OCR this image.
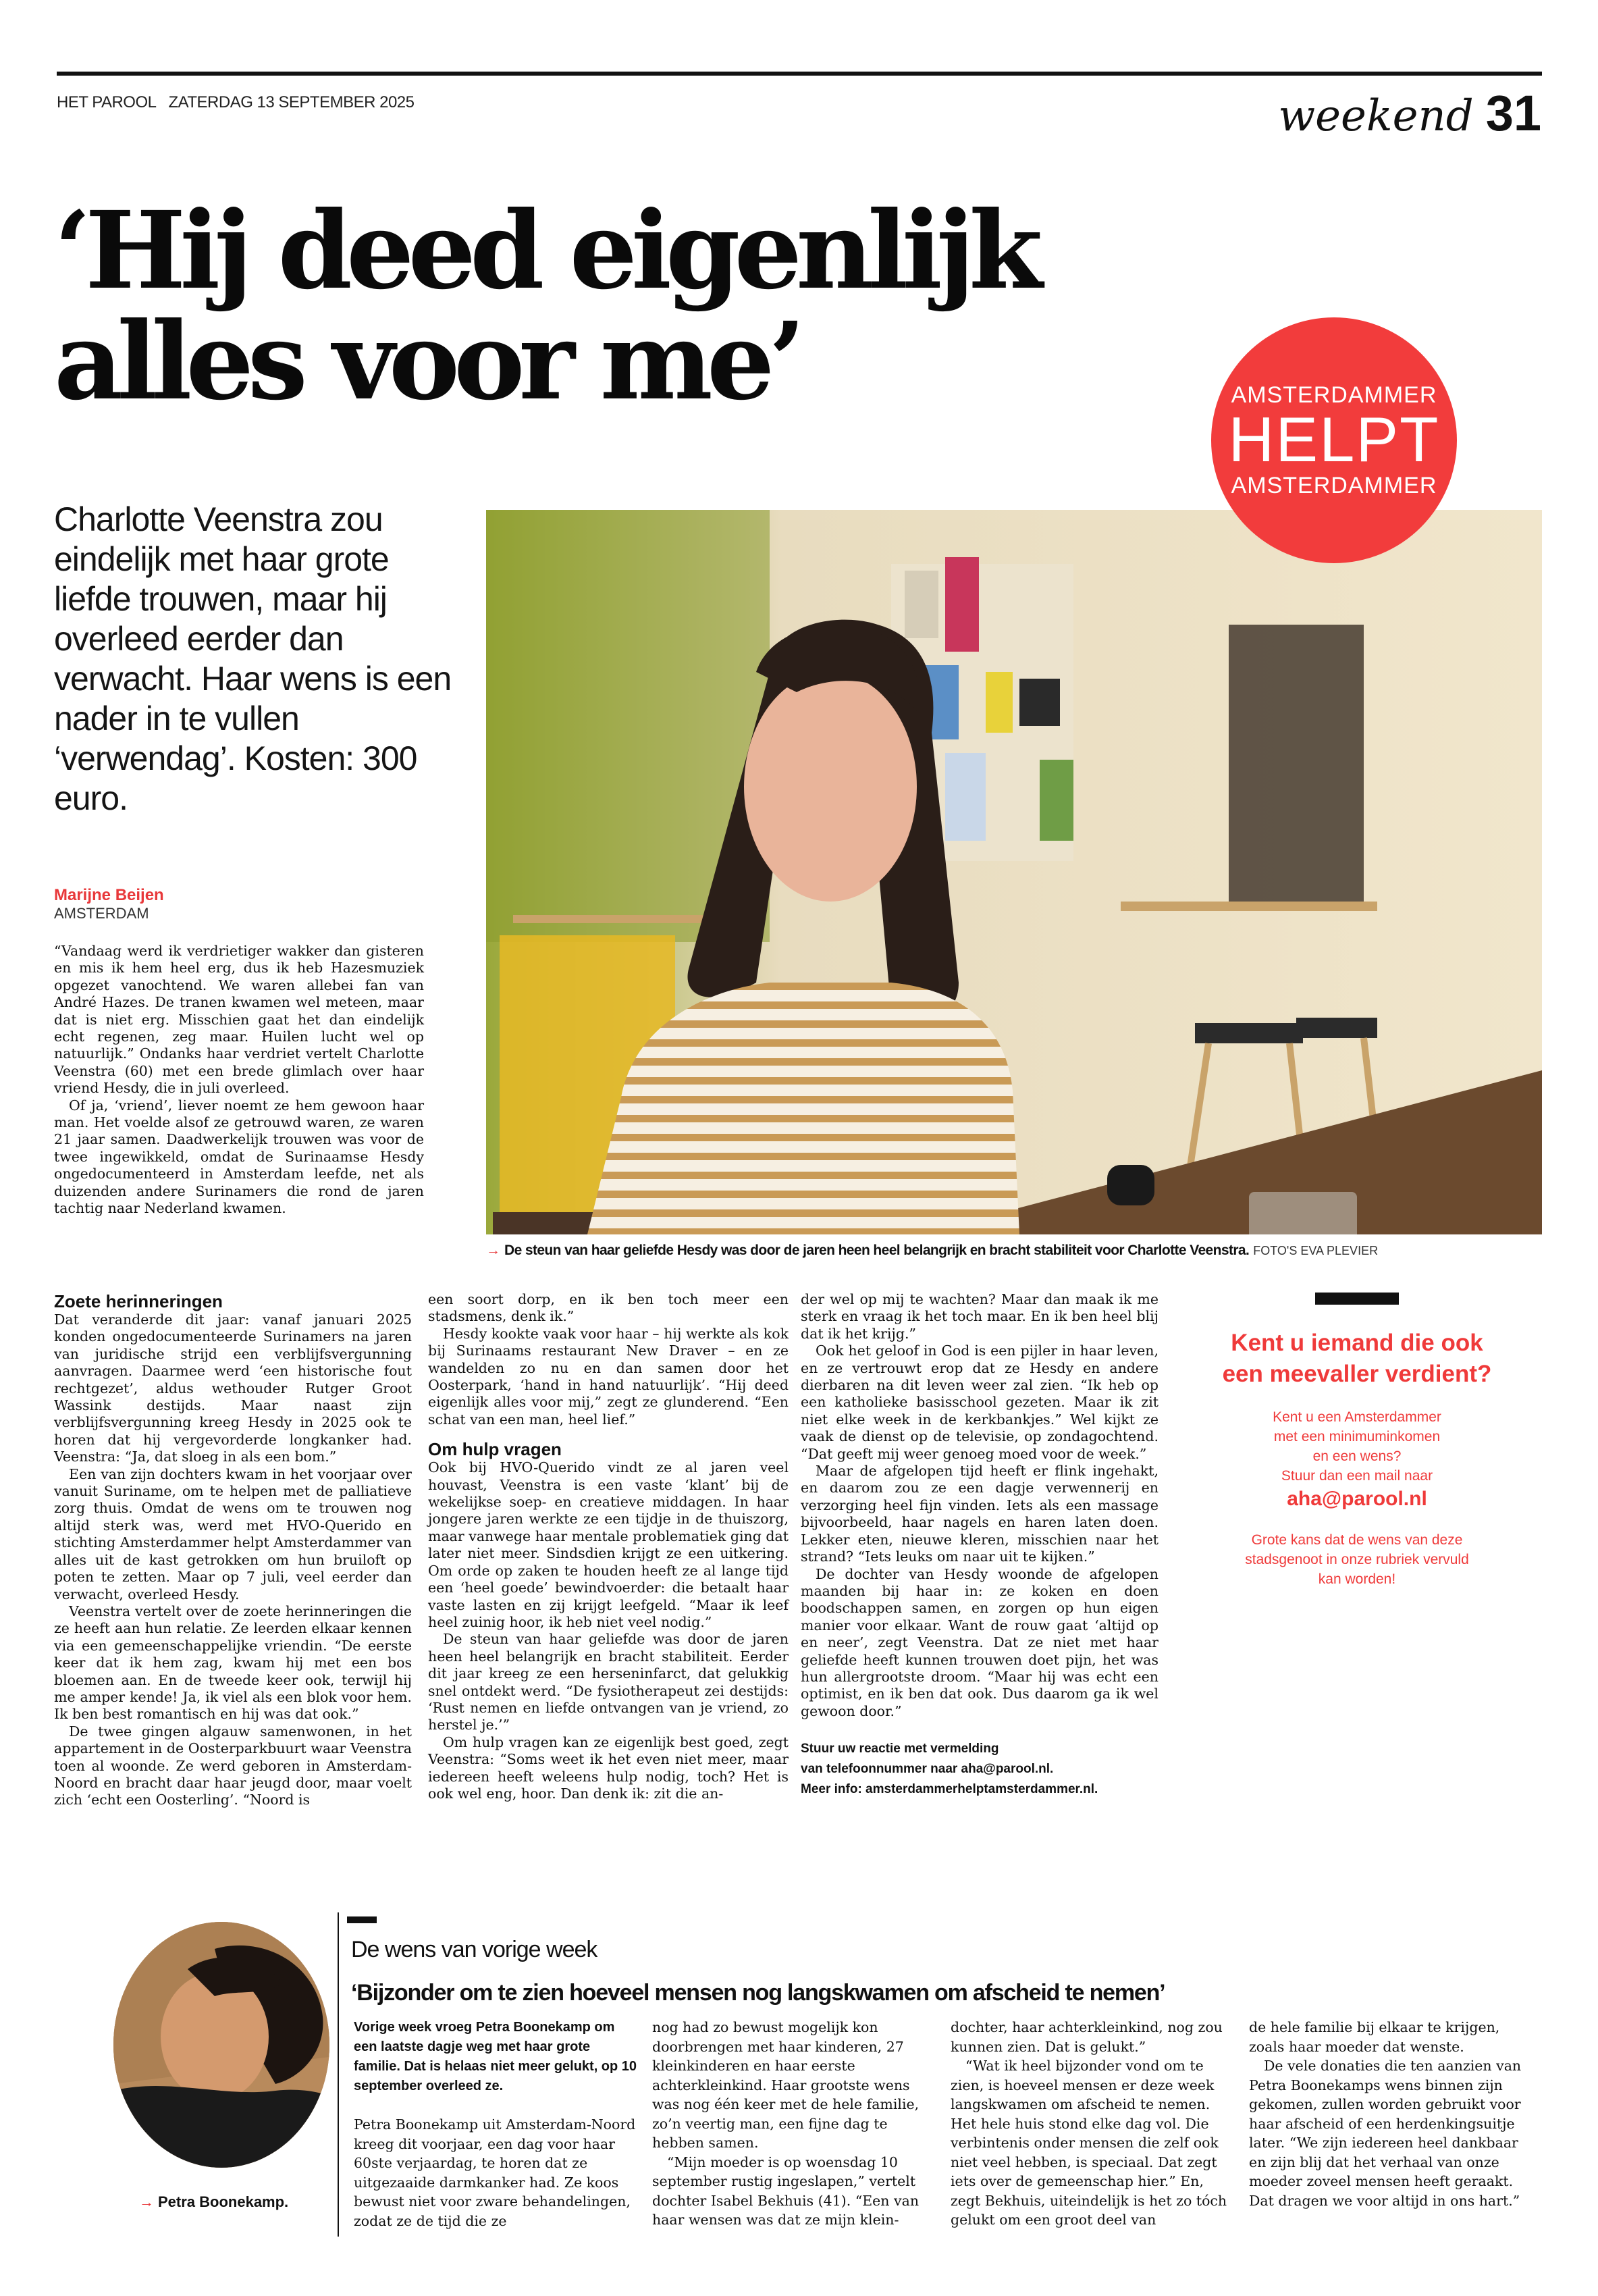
HET PAROOL ZATERDAG 13 SEPTEMBER 2025	weekend 31
‘Hij deed eigenlijk
alles voor me’	AMSTERDAMMER
HELPT
AMSTERDAMMER
Charlotte Veenstra zou eindelijk met haar grote liefde trouwen, maar hij overleed eerder dan verwacht. Haar wens is een nader in te vullen ‘verwendag’. Kosten: 300 euro.
Marijne Beijen
AMSTERDAM

“Vandaag werd ik verdrietiger wakker dan gisteren en mis ik hem heel erg, dus ik heb Hazesmuziek opgezet vanochtend. We waren allebei fan van André Hazes. De tranen kwamen wel meteen, maar dat is niet erg. Misschien gaat het dan eindelijk echt regenen, zeg maar. Huilen lucht wel op natuurlijk.” Ondanks haar verdriet vertelt Charlotte Veenstra (60) met een brede glimlach over haar vriend Hesdy, die in juli overleed.

Of ja, ‘vriend’, liever noemt ze hem gewoon haar man. Het voelde alsof ze getrouwd waren, ze waren 21 jaar samen. Daadwerkelijk trouwen was voor de twee ingewikkeld, omdat de Surinaamse Hesdy ongedocumenteerd in Amsterdam leefde, net als duizenden andere Surinamers die rond de jaren tachtig naar Nederland kwamen.

→ De steun van haar geliefde Hesdy was door de jaren heen heel belangrijk en bracht stabiliteit voor Charlotte Veenstra. FOTO'S EVA PLEVIER
Zoete herinneringen

Dat veranderde dit jaar: vanaf januari 2025 konden ongedocumenteerde Surinamers na jaren van juridische strijd een verblijfsvergunning aanvragen. Daarmee werd ‘een historische fout rechtgezet’, aldus wethouder Rutger Groot Wassink destijds. Maar naast zijn verblijfsvergunning kreeg Hesdy in 2025 ook te horen dat hij vergevorderde longkanker had. Veenstra: “Ja, dat sloeg in als een bom.”

Een van zijn dochters kwam in het voorjaar over vanuit Suriname, om te helpen met de palliatieve zorg thuis. Omdat de wens om te trouwen nog altijd sterk was, werd met HVO-Querido en stichting Amsterdammer helpt Amsterdammer van alles uit de kast getrokken om hun bruiloft op poten te zetten. Maar op 7 juli, veel eerder dan verwacht, overleed Hesdy.

Veenstra vertelt over de zoete herinneringen die ze heeft aan hun relatie. Ze leerden elkaar kennen via een gemeenschappelijke vriendin. “De eerste keer dat ik hem zag, kwam hij met een bos bloemen aan. En de tweede keer ook, terwijl hij me amper kende! Ja, ik viel als een blok voor hem. Ik ben best romantisch en hij was dat ook.”

De twee gingen algauw samenwonen, in het appartement in de Oosterparkbuurt waar Veenstra toen al woonde. Ze werd geboren in Amsterdam-Noord en bracht daar haar jeugd door, maar voelt zich ‘echt een Oosterling’. “Noord is

een soort dorp, en ik ben toch meer een stadsmens, denk ik.”

Hesdy kookte vaak voor haar – hij werkte als kok bij Surinaams restaurant New Draver – en ze wandelden zo nu en dan samen door het Oosterpark, ‘hand in hand natuurlijk’. “Hij deed eigenlijk alles voor mij,” zegt ze glunderend. “Een schat van een man, heel lief.”

Om hulp vragen

Ook bij HVO-Querido vindt ze al jaren veel houvast, Veenstra is een vaste ‘klant’ bij de wekelijkse soep- en creatieve middagen. In haar jongere jaren werkte ze een tijdje in de thuiszorg, maar vanwege haar mentale problematiek ging dat later niet meer. Sindsdien krijgt ze een uitkering. Om orde op zaken te houden heeft ze al lange tijd een ‘heel goede’ bewindvoerder: die betaalt haar vaste lasten en zij krijgt leefgeld. “Maar ik leef heel zuinig hoor, ik heb niet veel nodig.”

De steun van haar geliefde was door de jaren heen heel belangrijk en bracht stabiliteit. Eerder dit jaar kreeg ze een herseninfarct, dat gelukkig snel ontdekt werd. “De fysiotherapeut zei destijds: ‘Rust nemen en liefde ontvangen van je vriend, zo herstel je.’”

Om hulp vragen kan ze eigenlijk best goed, zegt Veenstra: “Soms weet ik het even niet meer, maar iedereen heeft weleens hulp nodig, toch? Het is ook wel eng, hoor. Dan denk ik: zit die an-

der wel op mij te wachten? Maar dan maak ik me sterk en vraag ik het toch maar. En ik ben heel blij dat ik het krijg.”

Ook het geloof in God is een pijler in haar leven, en ze vertrouwt erop dat ze Hesdy en andere dierbaren na dit leven weer zal zien. “Ik heb op een katholieke basisschool gezeten. Maar ik zit niet elke week in de kerkbankjes.” Wel kijkt ze vaak de dienst op de televisie, op zondagochtend. “Dat geeft mij weer genoeg moed voor de week.”

Maar de afgelopen tijd heeft er flink ingehakt, en daarom zou ze een dagje verwennerij en verzorging heel fijn vinden. Iets als een massage bijvoorbeeld, haar nagels en haren laten doen. Lekker eten, nieuwe kleren, misschien naar het strand? “Iets leuks om naar uit te kijken.”

De dochter van Hesdy woonde de afgelopen maanden bij haar in: ze koken en doen boodschappen samen, en zorgen op hun eigen manier voor elkaar. Want de rouw gaat ‘altijd op en neer’, zegt Veenstra. Dat ze niet met haar geliefde heeft kunnen trouwen doet pijn, het was hun allergrootste droom. “Maar hij was echt een optimist, en ik ben dat ook. Dus daarom ga ik wel gewoon door.”

Stuur uw reactie met vermelding
van telefoonnummer naar aha@parool.nl.
Meer info: amsterdammerhelptamsterdammer.nl.
Kent u iemand die ook een meevaller verdient?

Kent u een Amsterdammer

met een minimuminkomen

en een wens?

Stuur dan een mail naar

aha@parool.nl

Grote kans dat de wens van deze stadsgenoot in onze rubriek vervuld kan worden!

→ Petra Boonekamp.
De wens van vorige week
‘Bijzonder om te zien hoeveel mensen nog langskwamen om afscheid te nemen’

Vorige week vroeg Petra Boonekamp om een laatste dagje weg met haar grote familie. Dat is helaas niet meer gelukt, op 10 september overleed ze.

Petra Boonekamp uit Amsterdam-Noord kreeg dit voorjaar, een dag voor haar 60ste verjaardag, te horen dat ze uitgezaaide darmkanker had. Ze koos bewust niet voor zware behandelingen, zodat ze de tijd die ze

nog had zo bewust mogelijk kon doorbrengen met haar kinderen, 27 kleinkinderen en haar eerste achterkleinkind. Haar grootste wens was nog één keer met de hele familie, zo’n veertig man, een fijne dag te hebben samen.

“Mijn moeder is op woensdag 10 september rustig ingeslapen,” vertelt dochter Isabel Bekhuis (41). “Een van haar wensen was dat ze mijn klein-

dochter, haar achterkleinkind, nog zou kunnen zien. Dat is gelukt.”

“Wat ik heel bijzonder vond om te zien, is hoeveel mensen er deze week langskwamen om afscheid te nemen. Het hele huis stond elke dag vol. Die verbintenis onder mensen die zelf ook niet veel hebben, is speciaal. Dat zegt iets over de gemeenschap hier.” En, zegt Bekhuis, uiteindelijk is het zo tóch gelukt om een groot deel van

de hele familie bij elkaar te krijgen, zoals haar moeder dat wenste.

De vele donaties die ten aanzien van Petra Boonekamps wens binnen zijn gekomen, zullen worden gebruikt voor haar afscheid of een herdenkingsuitje later. “We zijn iedereen heel dankbaar en zijn blij dat het verhaal van onze moeder zoveel mensen heeft geraakt. Dat dragen we voor altijd in ons hart.”
